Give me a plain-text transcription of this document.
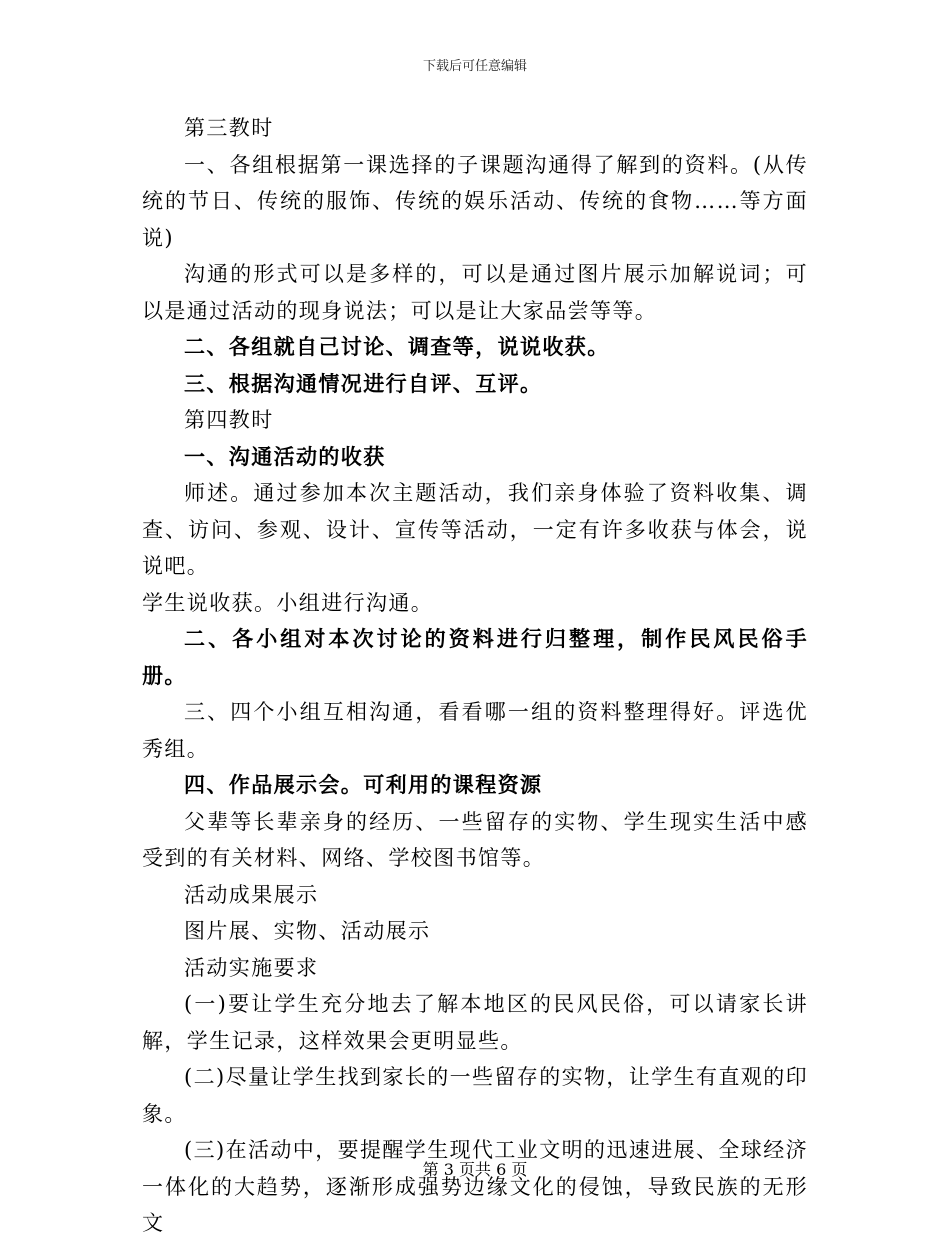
下载后可任意编辑

第三教时

一、各组根据第一课选择的子课题沟通得了解到的资料。(从传统的节日、传统的服饰、传统的娱乐活动、传统的食物……等方面说)

沟通的形式可以是多样的，可以是通过图片展示加解说词；可以是通过活动的现身说法；可以是让大家品尝等等。

二、各组就自己讨论、调查等，说说收获。

三、根据沟通情况进行自评、互评。

第四教时

一、沟通活动的收获

师述。通过参加本次主题活动，我们亲身体验了资料收集、调查、访问、参观、设计、宣传等活动，一定有许多收获与体会，说说吧。

学生说收获。小组进行沟通。

二、各小组对本次讨论的资料进行归整理，制作民风民俗手册。

三、四个小组互相沟通，看看哪一组的资料整理得好。评选优秀组。

四、作品展示会。可利用的课程资源

父辈等长辈亲身的经历、一些留存的实物、学生现实生活中感受到的有关材料、网络、学校图书馆等。

活动成果展示

图片展、实物、活动展示

活动实施要求

(一)要让学生充分地去了解本地区的民风民俗，可以请家长讲解，学生记录，这样效果会更明显些。

(二)尽量让学生找到家长的一些留存的实物，让学生有直观的印象。

(三)在活动中，要提醒学生现代工业文明的迅速进展、全球经济一体化的大趋势，逐渐形成强势边缘文化的侵蚀，导致民族的无形文

第 3 页共 6 页
